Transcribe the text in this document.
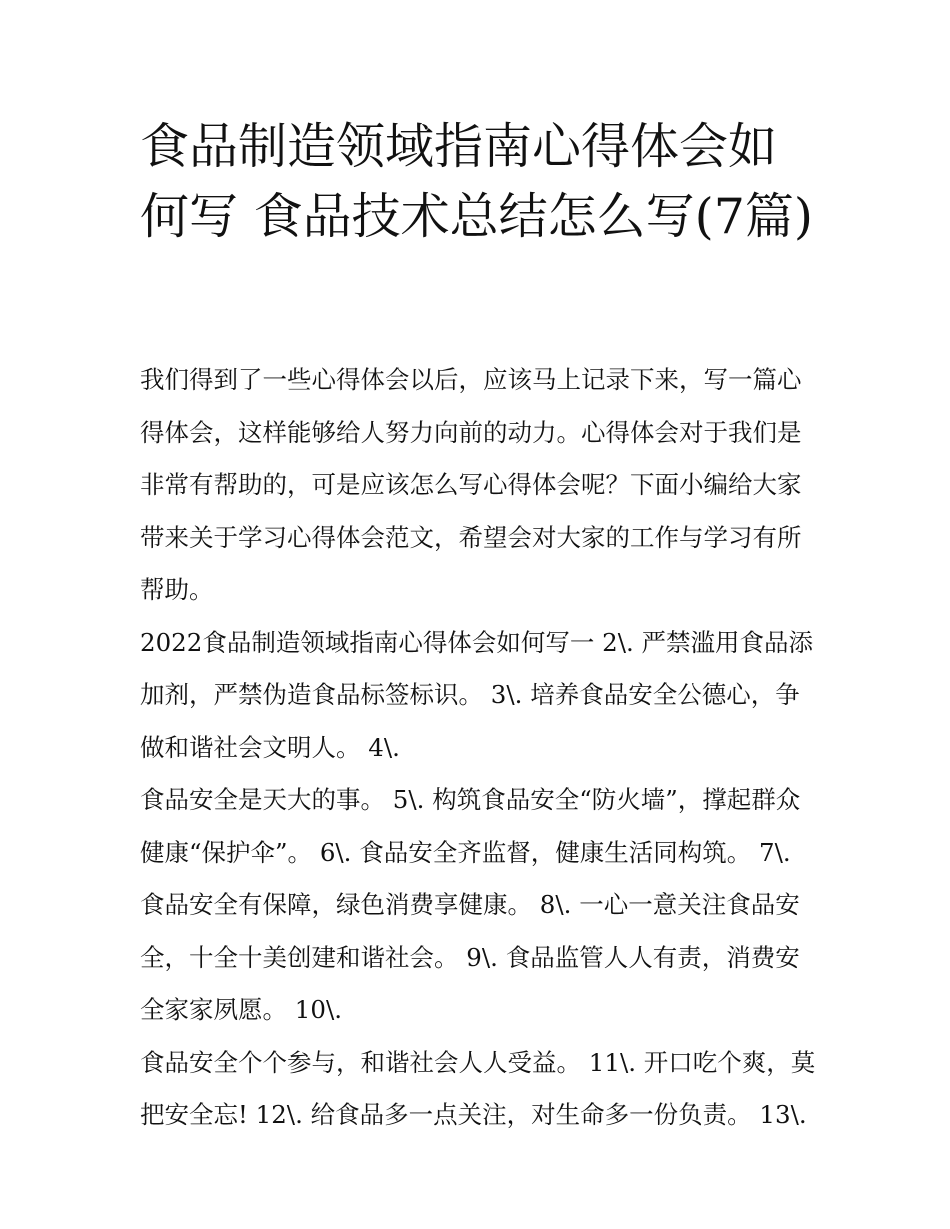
食品制造领域指南心得体会如何写 食品技术总结怎么写(7篇)

我们得到了一些心得体会以后，应该马上记录下来，写一篇心得体会，这样能够给人努力向前的动力。心得体会对于我们是非常有帮助的，可是应该怎么写心得体会呢？下面小编给大家带来关于学习心得体会范文，希望会对大家的工作与学习有所帮助。

2022食品制造领域指南心得体会如何写一 2\. 严禁滥用食品添加剂，严禁伪造食品标签标识。 3\. 培养食品安全公德心，争做和谐社会文明人。 4\.

食品安全是天大的事。 5\. 构筑食品安全“防火墙”，撑起群众健康“保护伞”。 6\. 食品安全齐监督，健康生活同构筑。 7\. 食品安全有保障，绿色消费享健康。 8\. 一心一意关注食品安全，十全十美创建和谐社会。 9\. 食品监管人人有责，消费安全家家夙愿。 10\.

食品安全个个参与，和谐社会人人受益。 11\. 开口吃个爽，莫把安全忘! 12\. 给食品多一点关注，对生命多一份负责。 13\.
